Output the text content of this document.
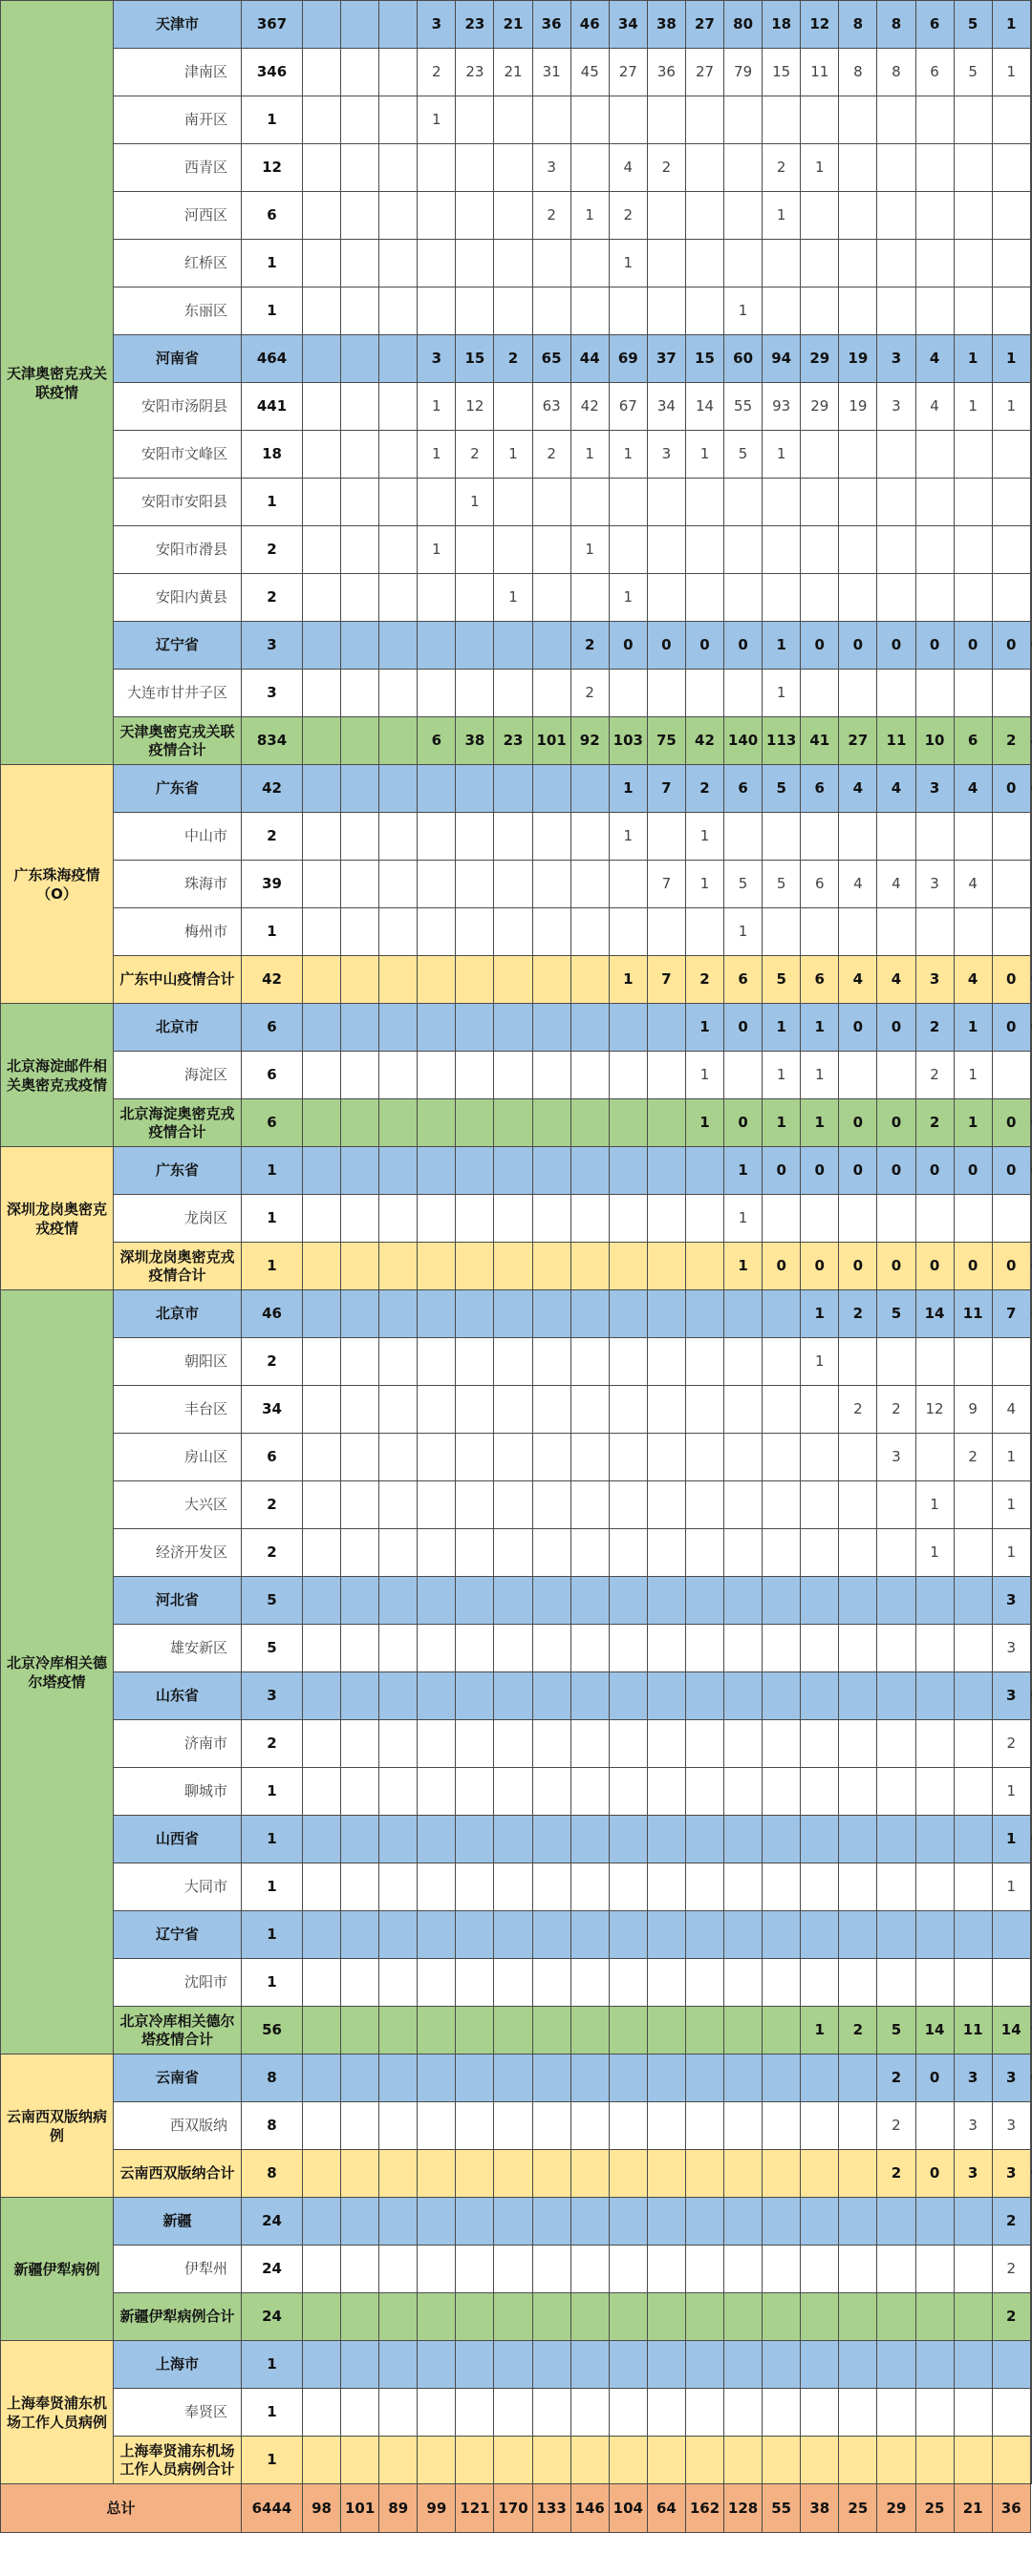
天津奥密克戎关联疫情	天津市	367				3	23	21	36	46	34	38	27	80	18	12	8	8	6	5	1	
	津南区	346				2	23	21	31	45	27	36	27	79	15	11	8	8	6	5	1	
	南开区	1				1																
	西青区	12							3		4	2			2	1						
	河西区	6							2	1	2				1							
	红桥区	1									1											
	东丽区	1												1								
	河南省	464				3	15	2	65	44	69	37	15	60	94	29	19	3	4	1	1	
	安阳市汤阴县	441				1	12		63	42	67	34	14	55	93	29	19	3	4	1	1	
	安阳市文峰区	18				1	2	1	2	1	1	3	1	5	1							
	安阳市安阳县	1					1															
	安阳市滑县	2				1				1												
	安阳内黄县	2						1			1											
	辽宁省	3								2	0	0	0	0	1	0	0	0	0	0	0	
	大连市甘井子区	3								2					1							
	天津奥密克戎关联疫情合计	834				6	38	23	101	92	103	75	42	140	113	41	27	11	10	6	2	
广东珠海疫情（O）	广东省	42									1	7	2	6	5	6	4	4	3	4	0	
	中山市	2									1		1									
	珠海市	39										7	1	5	5	6	4	4	3	4		
	梅州市	1												1								
	广东中山疫情合计	42									1	7	2	6	5	6	4	4	3	4	0	
北京海淀邮件相关奥密克戎疫情	北京市	6											1	0	1	1	0	0	2	1	0	
	海淀区	6											1		1	1			2	1		
	北京海淀奥密克戎疫情合计	6											1	0	1	1	0	0	2	1	0	
深圳龙岗奥密克戎疫情	广东省	1												1	0	0	0	0	0	0	0	
	龙岗区	1												1								
	深圳龙岗奥密克戎疫情合计	1												1	0	0	0	0	0	0	0	
北京冷库相关德尔塔疫情	北京市	46														1	2	5	14	11	7	
	朝阳区	2														1						
	丰台区	34															2	2	12	9	4	
	房山区	6																3		2	1	
	大兴区	2																	1		1	
	经济开发区	2																	1		1	
	河北省	5																			3	
	雄安新区	5																			3	
	山东省	3																			3	
	济南市	2																			2	
	聊城市	1																			1	
	山西省	1																			1	
	大同市	1																			1	
	辽宁省	1																				
	沈阳市	1																				
	北京冷库相关德尔塔疫情合计	56														1	2	5	14	11	14	
云南西双版纳病例	云南省	8																2	0	3	3	
	西双版纳	8																2		3	3	
	云南西双版纳合计	8																2	0	3	3	
新疆伊犁病例	新疆	24																			2	
	伊犁州	24																			2	
	新疆伊犁病例合计	24																			2	
上海奉贤浦东机场工作人员病例	上海市	1																				
	奉贤区	1																				
	上海奉贤浦东机场工作人员病例合计	1																				
总计		6444	98	101	89	99	121	170	133	146	104	64	162	128	55	38	25	29	25	21	36	
